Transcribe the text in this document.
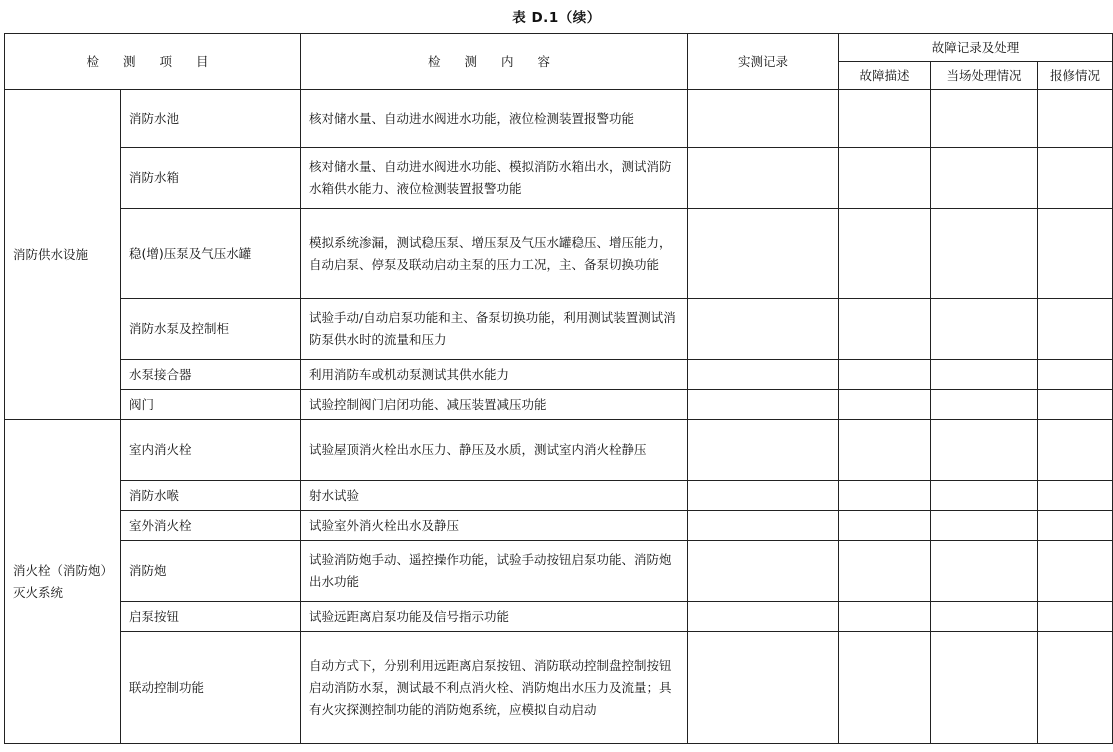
表 D.1（续）
检 测 项 目		检 测 内 容	实测记录	故障记录及处理		
				故障描述	当场处理情况	报修情况
消防供水设施	消防水池	核对储水量、自动进水阀进水功能，液位检测装置报警功能				
	消防水箱	核对储水量、自动进水阀进水功能、模拟消防水箱出水，测试消防水箱供水能力、液位检测装置报警功能				
	稳(增)压泵及气压水罐	模拟系统渗漏，测试稳压泵、增压泵及气压水罐稳压、增压能力，自动启泵、停泵及联动启动主泵的压力工况，主、备泵切换功能				
	消防水泵及控制柜	试验手动/自动启泵功能和主、备泵切换功能，利用测试装置测试消防泵供水时的流量和压力				
	水泵接合器	利用消防车或机动泵测试其供水能力				
	阀门	试验控制阀门启闭功能、减压装置减压功能				
消火栓（消防炮）灭火系统	室内消火栓	试验屋顶消火栓出水压力、静压及水质，测试室内消火栓静压				
	消防水喉	射水试验				
	室外消火栓	试验室外消火栓出水及静压				
	消防炮	试验消防炮手动、遥控操作功能，试验手动按钮启泵功能、消防炮出水功能				
	启泵按钮	试验远距离启泵功能及信号指示功能				
	联动控制功能	自动方式下，分别利用远距离启泵按钮、消防联动控制盘控制按钮启动消防水泵，测试最不利点消火栓、消防炮出水压力及流量；具有火灾探测控制功能的消防炮系统，应模拟自动启动				
